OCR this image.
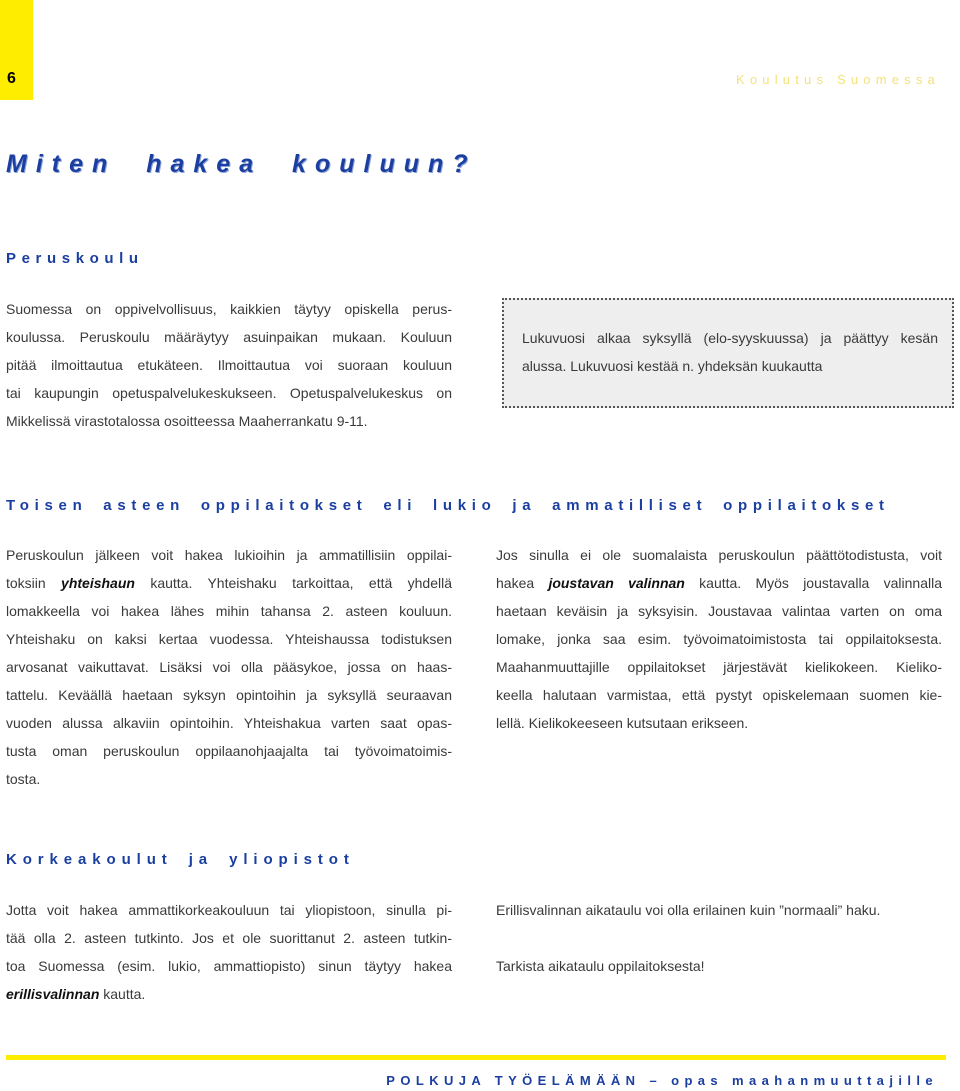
6	Koulutus Suomessa
Miten hakea kouluun?
Peruskoulu
Suomessa on oppivelvollisuus, kaikkien täytyy opiskella perus-
koulussa. Peruskoulu määräytyy asuinpaikan mukaan. Kouluun
pitää ilmoittautua etukäteen. Ilmoittautua voi suoraan kouluun
tai kaupungin opetuspalvelukeskukseen. Opetuspalvelukeskus on
Mikkelissä virastotalossa osoitteessa Maaherrankatu 9-11.
Lukuvuosi alkaa syksyllä (elo-syyskuussa) ja päättyy kesän
alussa. Lukuvuosi kestää n. yhdeksän kuukautta
Toisen asteen oppilaitokset eli lukio ja ammatilliset oppilaitokset
Peruskoulun jälkeen voit hakea lukioihin ja ammatillisiin oppilai-
toksiin yhteishaun kautta. Yhteishaku tarkoittaa, että yhdellä
lomakkeella voi hakea lähes mihin tahansa 2. asteen kouluun.
Yhteishaku on kaksi kertaa vuodessa. Yhteishaussa todistuksen
arvosanat vaikuttavat. Lisäksi voi olla pääsykoe, jossa on haas-
tattelu. Keväällä haetaan syksyn opintoihin ja syksyllä seuraavan
vuoden alussa alkaviin opintoihin. Yhteishakua varten saat opas-
tusta oman peruskoulun oppilaanohjaajalta tai työvoimatoimis-
tosta.
Jos sinulla ei ole suomalaista peruskoulun päättötodistusta, voit
hakea joustavan valinnan kautta. Myös joustavalla valinnalla
haetaan keväisin ja syksyisin. Joustavaa valintaa varten on oma
lomake, jonka saa esim. työvoimatoimistosta tai oppilaitoksesta.
Maahanmuuttajille oppilaitokset järjestävät kielikokeen. Kieliko-
keella halutaan varmistaa, että pystyt opiskelemaan suomen kie-
lellä. Kielikokeeseen kutsutaan erikseen.
Korkeakoulut ja yliopistot
Jotta voit hakea ammattikorkeakouluun tai yliopistoon, sinulla pi-
tää olla 2. asteen tutkinto. Jos et ole suorittanut 2. asteen tutkin-
toa Suomessa (esim. lukio, ammattiopisto) sinun täytyy hakea
erillisvalinnan kautta.
Erillisvalinnan aikataulu voi olla erilainen kuin ”normaali” haku.
Tarkista aikataulu oppilaitoksesta!
POLKUJA TYÖELÄMÄÄN – opas maahanmuuttajille
